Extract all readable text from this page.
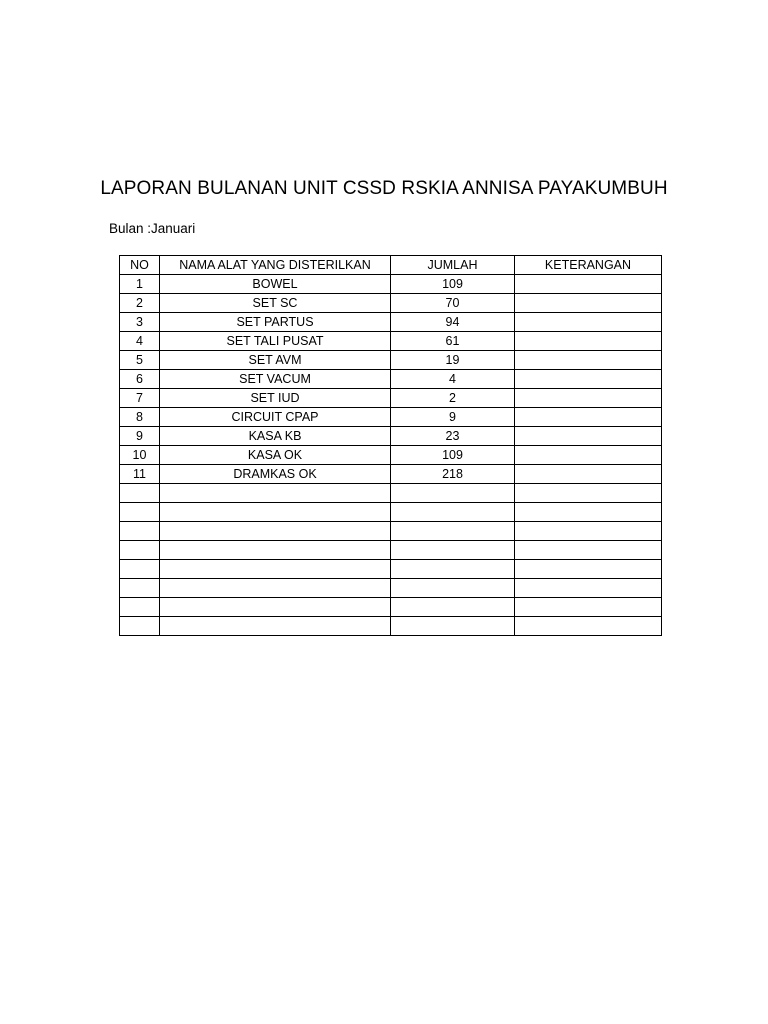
LAPORAN BULANAN UNIT CSSD RSKIA ANNISA PAYAKUMBUH
Bulan :Januari
NO	NAMA ALAT YANG DISTERILKAN	JUMLAH	KETERANGAN
1	BOWEL	109	
2	SET SC	70	
3	SET PARTUS	94	
4	SET TALI PUSAT	61	
5	SET AVM	19	
6	SET VACUM	4	
7	SET IUD	2	
8	CIRCUIT CPAP	9	
9	KASA KB	23	
10	KASA OK	109	
11	DRAMKAS OK	218	
